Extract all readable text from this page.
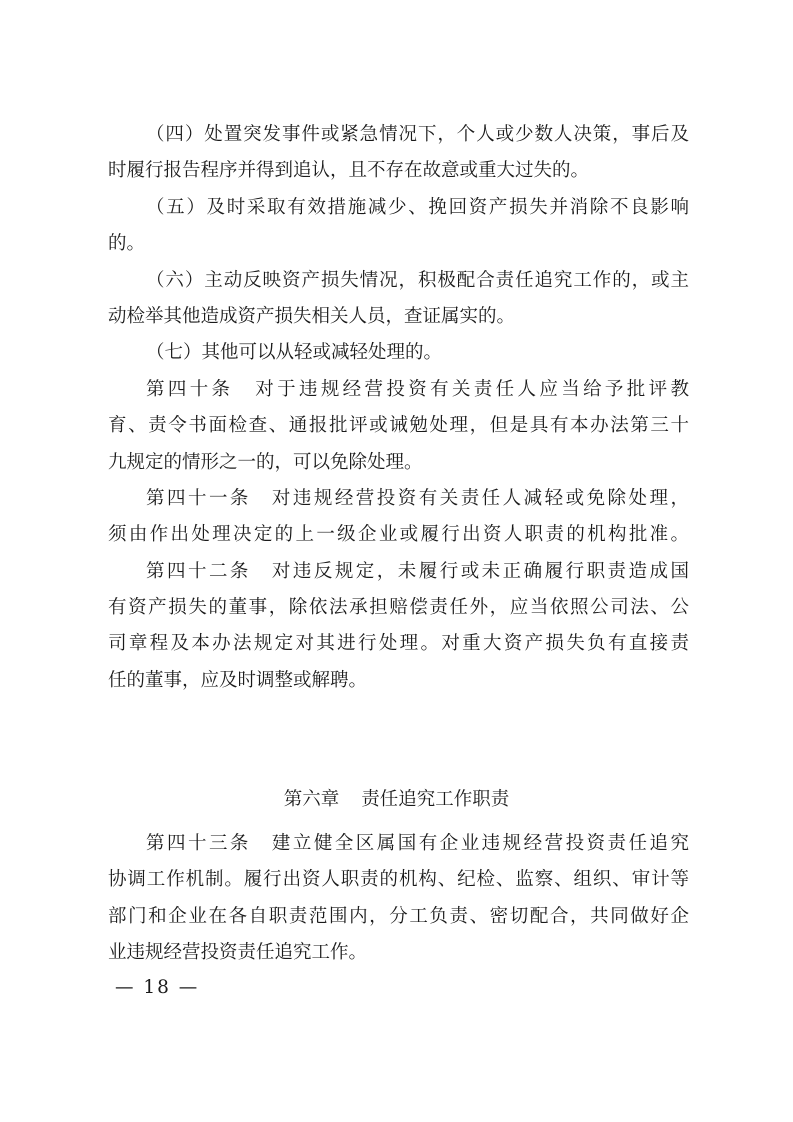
（四）处置突发事件或紧急情况下，个人或少数人决策，事后及
时履行报告程序并得到追认，且不存在故意或重大过失的。
（五）及时采取有效措施减少、挽回资产损失并消除不良影响
的。
（六）主动反映资产损失情况，积极配合责任追究工作的，或主
动检举其他造成资产损失相关人员，查证属实的。
（七）其他可以从轻或减轻处理的。
第四十条　对于违规经营投资有关责任人应当给予批评教
育、责令书面检查、通报批评或诫勉处理，但是具有本办法第三十
九规定的情形之一的，可以免除处理。
第四十一条　对违规经营投资有关责任人减轻或免除处理，
须由作出处理决定的上一级企业或履行出资人职责的机构批准。
第四十二条　对违反规定，未履行或未正确履行职责造成国
有资产损失的董事，除依法承担赔偿责任外，应当依照公司法、公
司章程及本办法规定对其进行处理。对重大资产损失负有直接责
任的董事，应及时调整或解聘。
第六章 责任追究工作职责
第四十三条　建立健全区属国有企业违规经营投资责任追究
协调工作机制。履行出资人职责的机构、纪检、监察、组织、审计等
部门和企业在各自职责范围内，分工负责、密切配合，共同做好企
业违规经营投资责任追究工作。
— 18 —
